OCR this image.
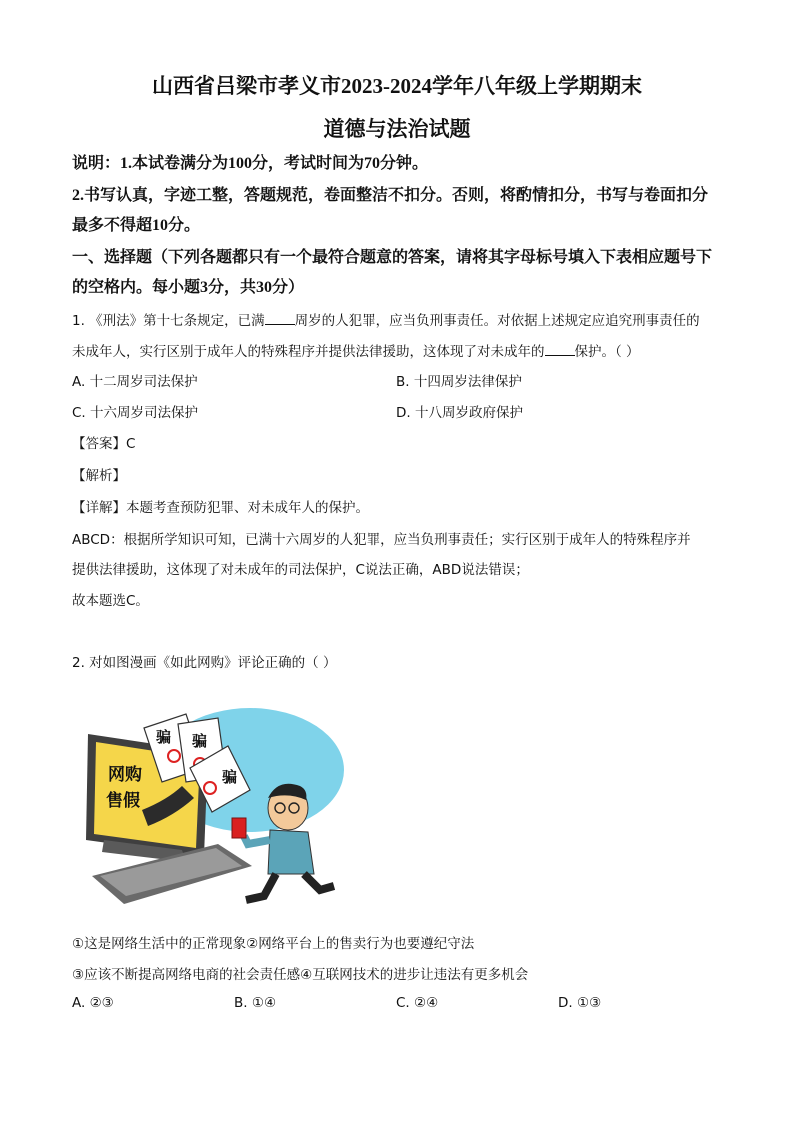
山西省吕梁市孝义市2023-2024学年八年级上学期期末
道德与法治试题
说明：1.本试卷满分为100分，考试时间为70分钟。
2.书写认真，字迹工整，答题规范，卷面整洁不扣分。否则，将酌情扣分，书写与卷面扣分
最多不得超10分。
一、选择题（下列各题都只有一个最符合题意的答案，请将其字母标号填入下表相应题号下
的空格内。每小题3分，共30分）
1. 《刑法》第十七条规定，已满 周岁的人犯罪，应当负刑事责任。对依据上述规定应追究刑事责任的
未成年人，实行区别于成年人的特殊程序并提供法律援助，这体现了对未成年的 保护。（ ）
A. 十二周岁司法保护	B. 十四周岁法律保护
C. 十六周岁司法保护	D. 十八周岁政府保护
【答案】C
【解析】
【详解】本题考查预防犯罪、对未成年人的保护。
ABCD：根据所学知识可知，已满十六周岁的人犯罪，应当负刑事责任；实行区别于成年人的特殊程序并
提供法律援助，这体现了对未成年的司法保护，C说法正确，ABD说法错误；
故本题选C。
2. 对如图漫画《如此网购》评论正确的（ ）
网购
售假
骗 骗
骗
①这是网络生活中的正常现象②网络平台上的售卖行为也要遵纪守法
③应该不断提高网络电商的社会责任感④互联网技术的进步让违法有更多机会
A. ②③	B. ①④	C. ②④	D. ①③
